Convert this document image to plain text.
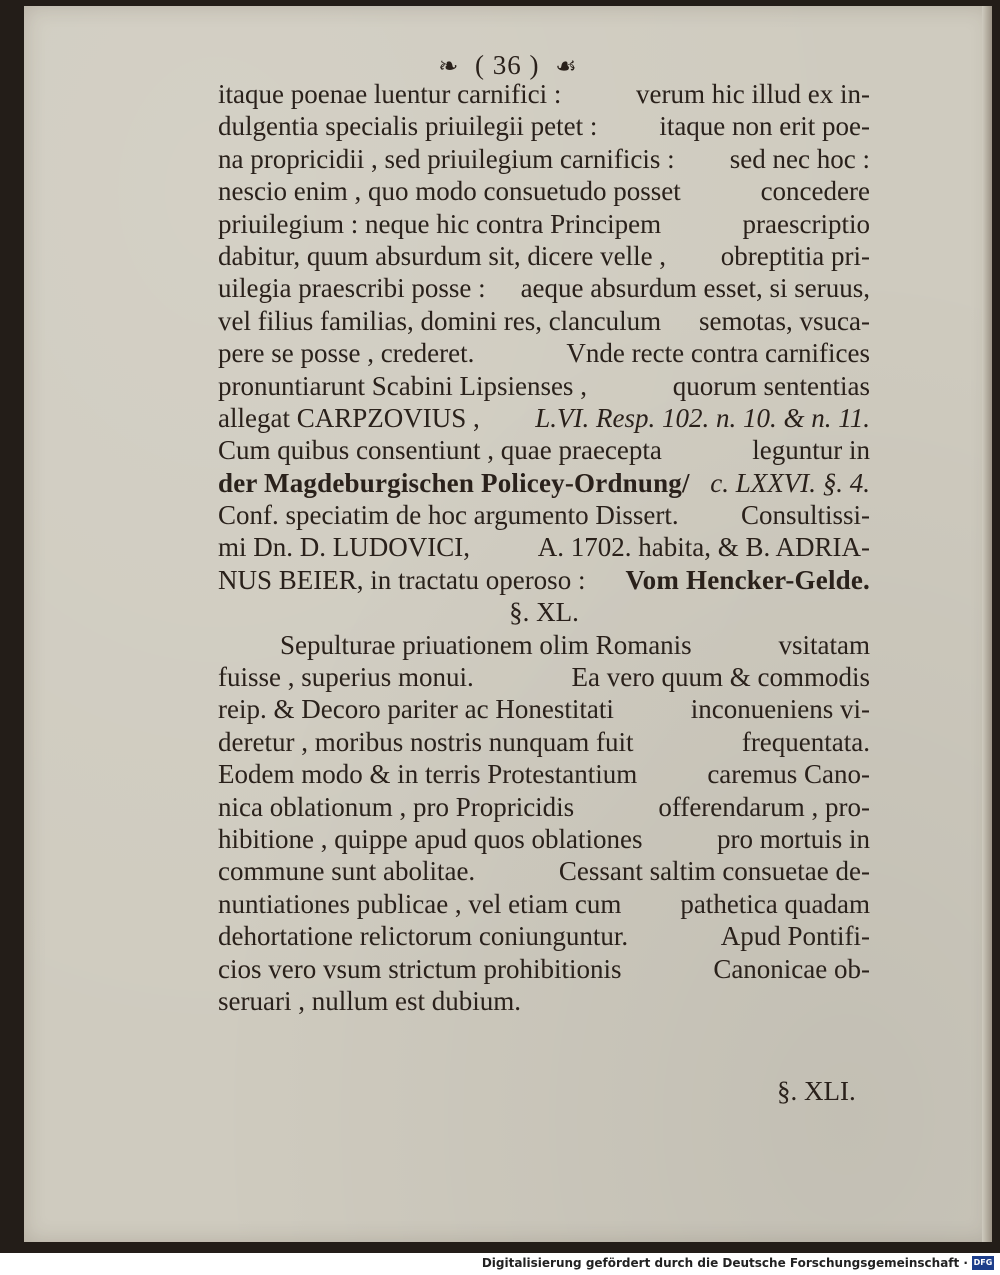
❧ ( 36 ) ☙
itaque poenae luentur carnifici :	verum hic illud ex in-
dulgentia specialis priuilegii petet : itaque non erit poe-
na propricidii , sed priuilegium carnificis : sed nec hoc :
nescio enim , quo modo consuetudo posset	concedere
priuilegium : neque hic contra Principem	praescriptio
dabitur, quum absurdum sit, dicere velle , obreptitia pri-
uilegia praescribi posse : aeque absurdum esset, si seruus,
vel filius familias, domini res, clanculum semotas, vsuca-
pere se posse , crederet.	Vnde recte contra carnifices
pronuntiarunt Scabini Lipsienses ,	quorum sententias
allegat CARPZOVIUS , L.VI. Resp. 102. n. 10. & n. 11.
Cum quibus consentiunt , quae praecepta	leguntur in
der Magdeburgischen Policey-Ordnung/ c. LXXVI. §. 4.
Conf. speciatim de hoc argumento Dissert. Consultissi-
mi Dn. D. LUDOVICI,	A. 1702. habita, & B. ADRIA-
NUS BEIER, in tractatu operoso : Vom Hencker-Gelde.
§. XL.
Sepulturae priuationem olim Romanis	vsitatam
fuisse , superius monui.	Ea vero quum & commodis
reip. & Decoro pariter ac Honestitati	inconueniens vi-
deretur , moribus nostris nunquam fuit	frequentata.
Eodem modo & in terris Protestantium	caremus Cano-
nica oblationum , pro Propricidis	offerendarum , pro-
hibitione , quippe apud quos oblationes	pro mortuis in
commune sunt abolitae.	Cessant saltim consuetae de-
nuntiationes publicae , vel etiam cum pathetica quadam
dehortatione relictorum coniunguntur.	Apud Pontifi-
cios vero vsum strictum prohibitionis	Canonicae ob-
seruari , nullum est dubium.
§. XLI.
Digitalisierung gefördert durch die Deutsche Forschungsgemeinschaft · DFG
